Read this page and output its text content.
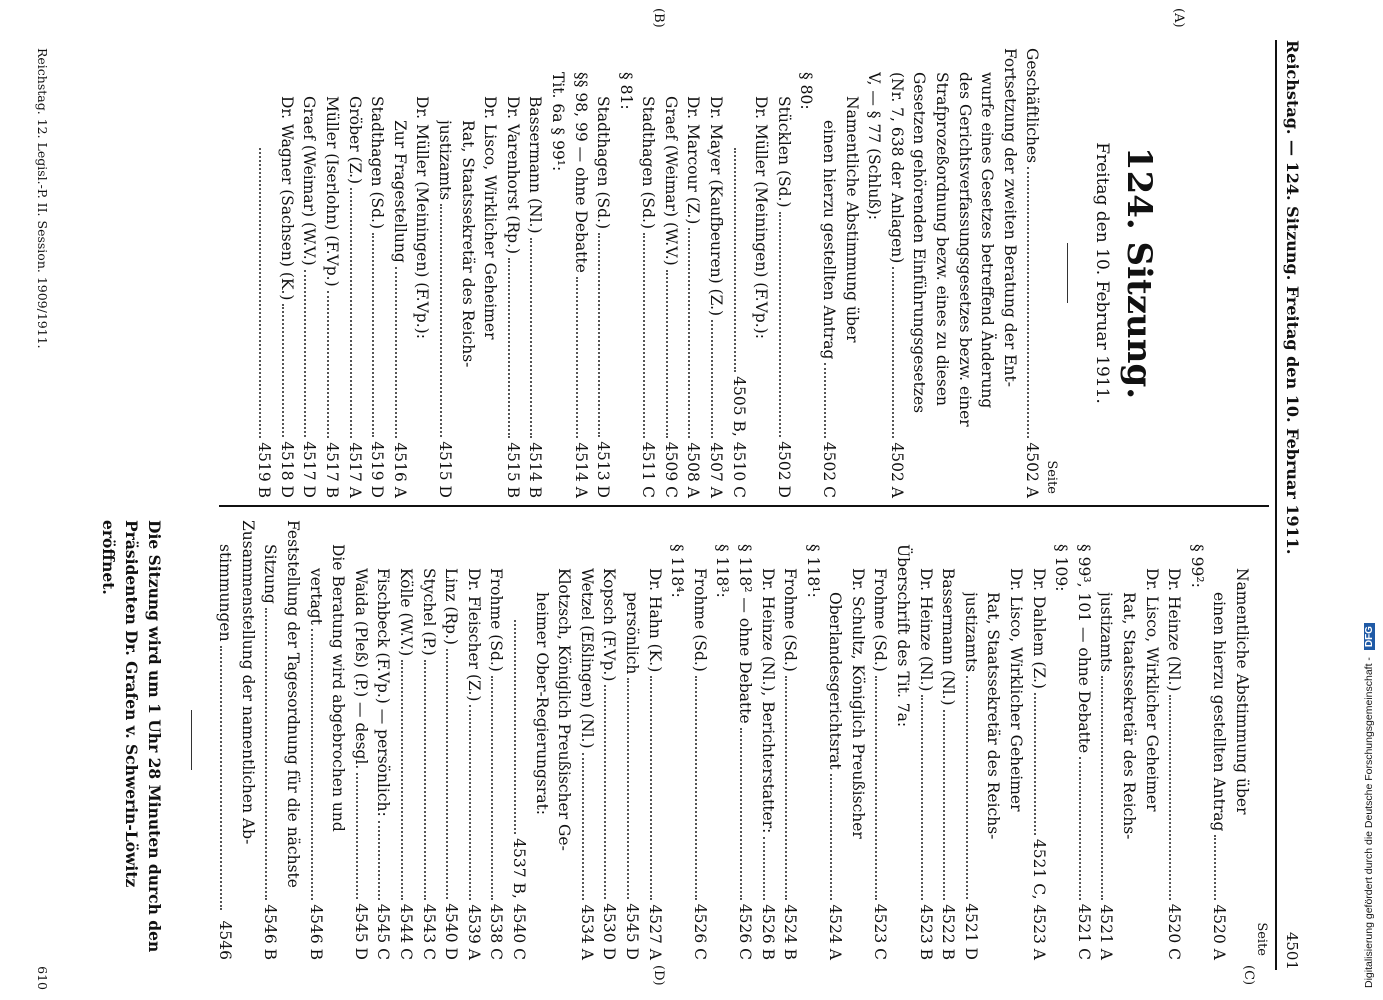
Reichstag. — 124. Sitzung. Freitag den 10. Februar 1911.
4501
(A)
(B)
(C)
(D)
124. Sitzung.
Freitag den 10. Februar 1911.
Seite
Geschäftliches
4502 A
Fortsetzung der zweiten Beratung der Ent-
wurfe eines Gesetzes betreffend Änderung
des Gerichtsverfassungsgesetzes bezw. einer
Strafprozeßordnung bezw. eines zu diesen
Gesetzen gehörenden Einführungsgesetzes
(Nr. 7, 638 der Anlagen)
4502 A
V, — § 77 (Schluß):
Namentliche Abstimmung über
einen hierzu gestellten Antrag
4502 C
§ 80:
Stücklen (Sd.)
4502 D
Dr. Müller (Meiningen) (F.Vp.):
4505 B, 4510 C
Dr. Mayer (Kaufbeuren) (Z.)
4507 A
Dr. Marcour (Z.)
4508 A
Graef (Weimar) (W.V.)
4509 C
Stadthagen (Sd.)
4511 C
§ 81:
Stadthagen (Sd.)
4513 D
§§ 98, 99 — ohne Debatte
4514 A
Tit. 6a § 99¹:
Bassermann (Nl.)
4514 B
Dr. Varenhorst (Rp.)
4515 B
Dr. Lisco, Wirklicher Geheimer
Rat, Staatssekretär des Reichs-
justizamts
4515 D
Dr. Müller (Meiningen) (F.Vp.):
Zur Fragestellung
4516 A
Stadthagen (Sd.)
4519 D
Gröber (Z.)
4517 A
Müller (Iserlohn) (F.Vp.)
4517 B
Graef (Weimar) (W.V.)
4517 D
Dr. Wagner (Sachsen) (K.)
4518 D
4519 B
Seite
Namentliche Abstimmung über
einen hierzu gestellten Antrag
4520 A
§ 99²:
Dr. Heinze (Nl.)
4520 C
Dr. Lisco, Wirklicher Geheimer
Rat, Staatssekretär des Reichs-
justizamts
4521 A
§ 99³, 101 — ohne Debatte
4521 C
§ 109:
Dr. Dahlem (Z.)
4521 C, 4523 A
Dr. Lisco, Wirklicher Geheimer
Rat, Staatssekretär des Reichs-
justizamts
4521 D
Bassermann (Nl.)
4522 B
Dr. Heinze (Nl.)
4523 B
Überschrift des Tit. 7a:
Frohme (Sd.)
4523 C
Dr. Schultz, Königlich Preußischer
Oberlandesgerichtsrat
4524 A
§ 118¹:
Frohme (Sd.)
4524 B
Dr. Heinze (Nl.), Berichterstatter:
4526 B
§ 118² — ohne Debatte
4526 C
§ 118³:
Frohme (Sd.)
4526 C
§ 118⁴:
Dr. Hahn (K.)
4527 A
persönlich
4545 D
Kopsch (F.Vp.)
4530 D
Wetzel (Eßlingen) (Nl.)
4534 A
Klotzsch, Königlich Preußischer Ge-
heimer Ober-Regierungsrat:
4537 B, 4540 C
Frohme (Sd.)
4538 C
Dr. Fleischer (Z.)
4539 A
Linz (Rp.)
4540 D
Stychel (P.)
4543 C
Kölle (W.V.)
4544 C
Fischbeck (F.Vp.) — persönlich:
4545 C
Waida (Pleß) (P.) — desgl.
4545 D
Die Beratung wird abgebrochen und
vertagt
4546 B
Feststellung der Tagesordnung für die nächste
Sitzung
4546 B
Zusammenstellung der namentlichen Ab-
stimmungen
4546
Die Sitzung wird um 1 Uhr 28 Minuten durch den Präsidenten Dr. Grafen v. Schwerin-Löwitz eröffnet.
Reichstag. 12. Legisl.-P. II. Session. 1909/1911.
610	Digitalisierung gefördert durch die Deutsche Forschungsgemeinschaft - DFG
